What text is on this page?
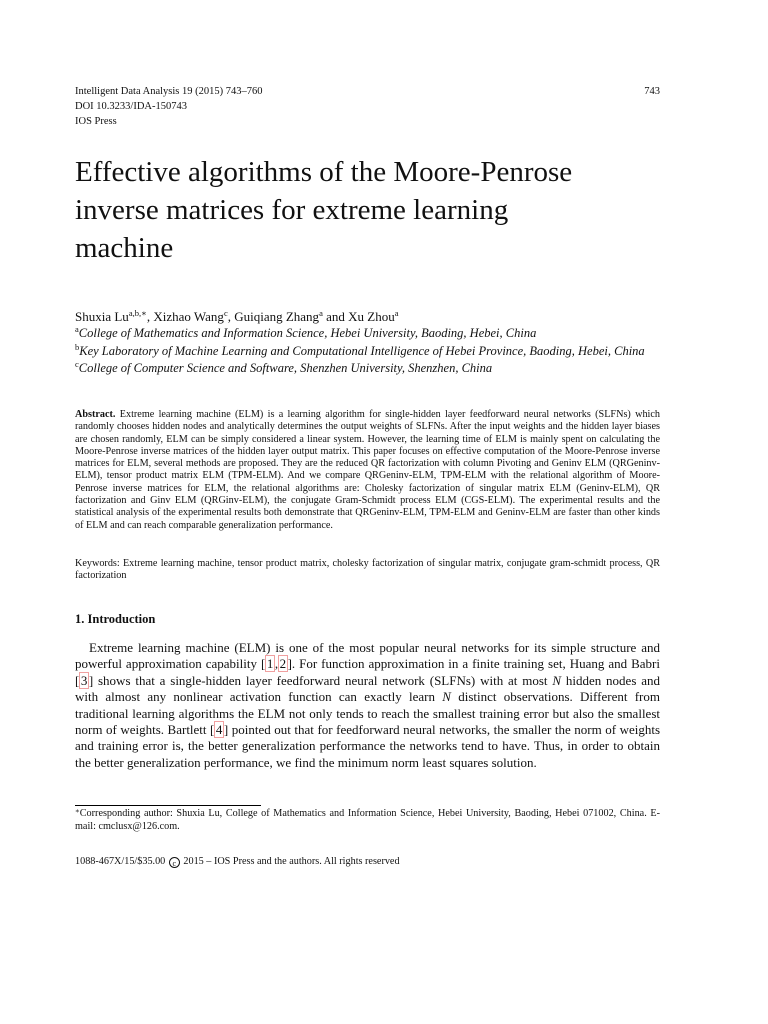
Intelligent Data Analysis 19 (2015) 743–760
DOI 10.3233/IDA-150743
IOS Press
743
Effective algorithms of the Moore-Penrose
inverse matrices for extreme learning
machine
Shuxia $Lu^{a,b,∗}$, Xizhao Wang$^c$, Guiqiang Zhang$^a$ and Xu Zhou$^a$
$^a$College of Mathematics and Information Science, Hebei University, Baoding, Hebei, China
$^b$Key Laboratory of Machine Learning and Computational Intelligence of Hebei Province, Baoding, Hebei, China
$^c$College of Computer Science and Software, Shenzhen University, Shenzhen, China

Abstract. Extreme learning machine (ELM) is a learning algorithm for single-hidden layer feedforward neural networks (SLFNs) which randomly chooses hidden nodes and analytically determines the output weights of SLFNs. After the input weights and the hidden layer biases are chosen randomly, ELM can be simply considered a linear system. However, the learning time of ELM is mainly spent on calculating the Moore-Penrose inverse matrices of the hidden layer output matrix. This paper focuses on effective computation of the Moore-Penrose inverse matrices for ELM, several methods are proposed. They are the reduced QR factorization with column Pivoting and Geninv ELM (QRGeninv-ELM), tensor product matrix ELM (TPM-ELM). And we compare QRGeninv-ELM, TPM-ELM with the relational algorithm of Moore-Penrose inverse matrices for ELM, the relational algorithms are: Cholesky factorization of singular matrix ELM (Geninv-ELM), QR factorization and Ginv ELM (QRGinv-ELM), the conjugate Gram-Schmidt process ELM (CGS-ELM). The experimental results and the statistical analysis of the experimental results both demonstrate that QRGeninv-ELM, TPM-ELM and Geninv-ELM are faster than other kinds of ELM and can reach comparable generalization performance.

Keywords: Extreme learning machine, tensor product matrix, cholesky factorization of singular matrix, conjugate gram-schmidt process, QR factorization

1. Introduction

Extreme learning machine (ELM) is one of the most popular neural networks for its simple structure and powerful approximation capability [ 1 , 2 ]. For function approximation in a finite training set, Huang and Babri [ 3 ] shows that a single-hidden layer feedforward neural network (SLFNs) with at most N hidden nodes and with almost any nonlinear activation function can exactly learn N distinct observations. Different from traditional learning algorithms the ELM not only tends to reach the smallest training error but also the smallest norm of weights. Bartlett [ 4 ] pointed out that for feedforward neural networks, the smaller the norm of weights and training error is, the better generalization performance the networks tend to have. Thus, in order to obtain the better generalization performance, we find the minimum norm least squares solution.

∗Corresponding author: Shuxia Lu, College of Mathematics and Information Science, Hebei University, Baoding, Hebei 071002, China. E-mail: cmclusx@126.com.

1088-467X/15/$35.00 c 2015 – IOS Press and the authors. All rights reserved
